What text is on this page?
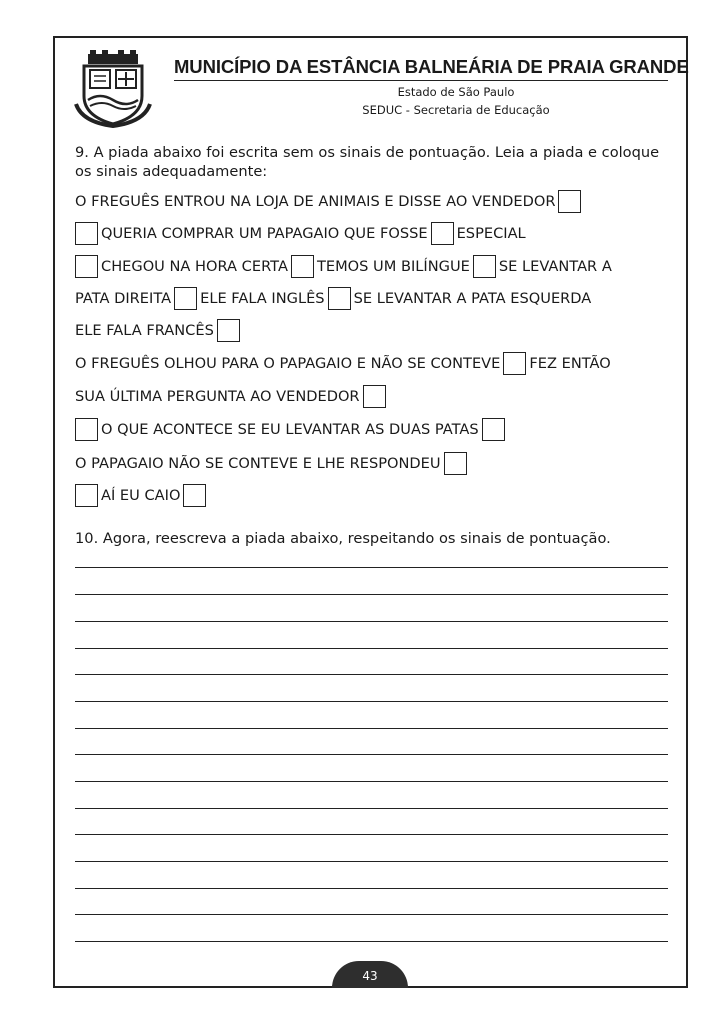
MUNICÍPIO DA ESTÂNCIA BALNEÁRIA DE PRAIA GRANDE
Estado de São Paulo
SEDUC - Secretaria de Educação
9. A piada abaixo foi escrita sem os sinais de pontuação. Leia a piada e coloque os sinais adequadamente:
O FREGUÊS ENTROU NA LOJA DE ANIMAIS E DISSE AO VENDEDOR
QUERIA COMPRAR UM PAPAGAIO QUE FOSSE ESPECIAL
CHEGOU NA HORA CERTA TEMOS UM BILÍNGUE SE LEVANTAR A
PATA DIREITA ELE FALA INGLÊS SE LEVANTAR A PATA ESQUERDA
ELE FALA FRANCÊS
O FREGUÊS OLHOU PARA O PAPAGAIO E NÃO SE CONTEVE FEZ ENTÃO
SUA ÚLTIMA PERGUNTA AO VENDEDOR
O QUE ACONTECE SE EU LEVANTAR AS DUAS PATAS
O PAPAGAIO NÃO SE CONTEVE E LHE RESPONDEU
AÍ EU CAIO
10. Agora, reescreva a piada abaixo, respeitando os sinais de pontuação.
43
